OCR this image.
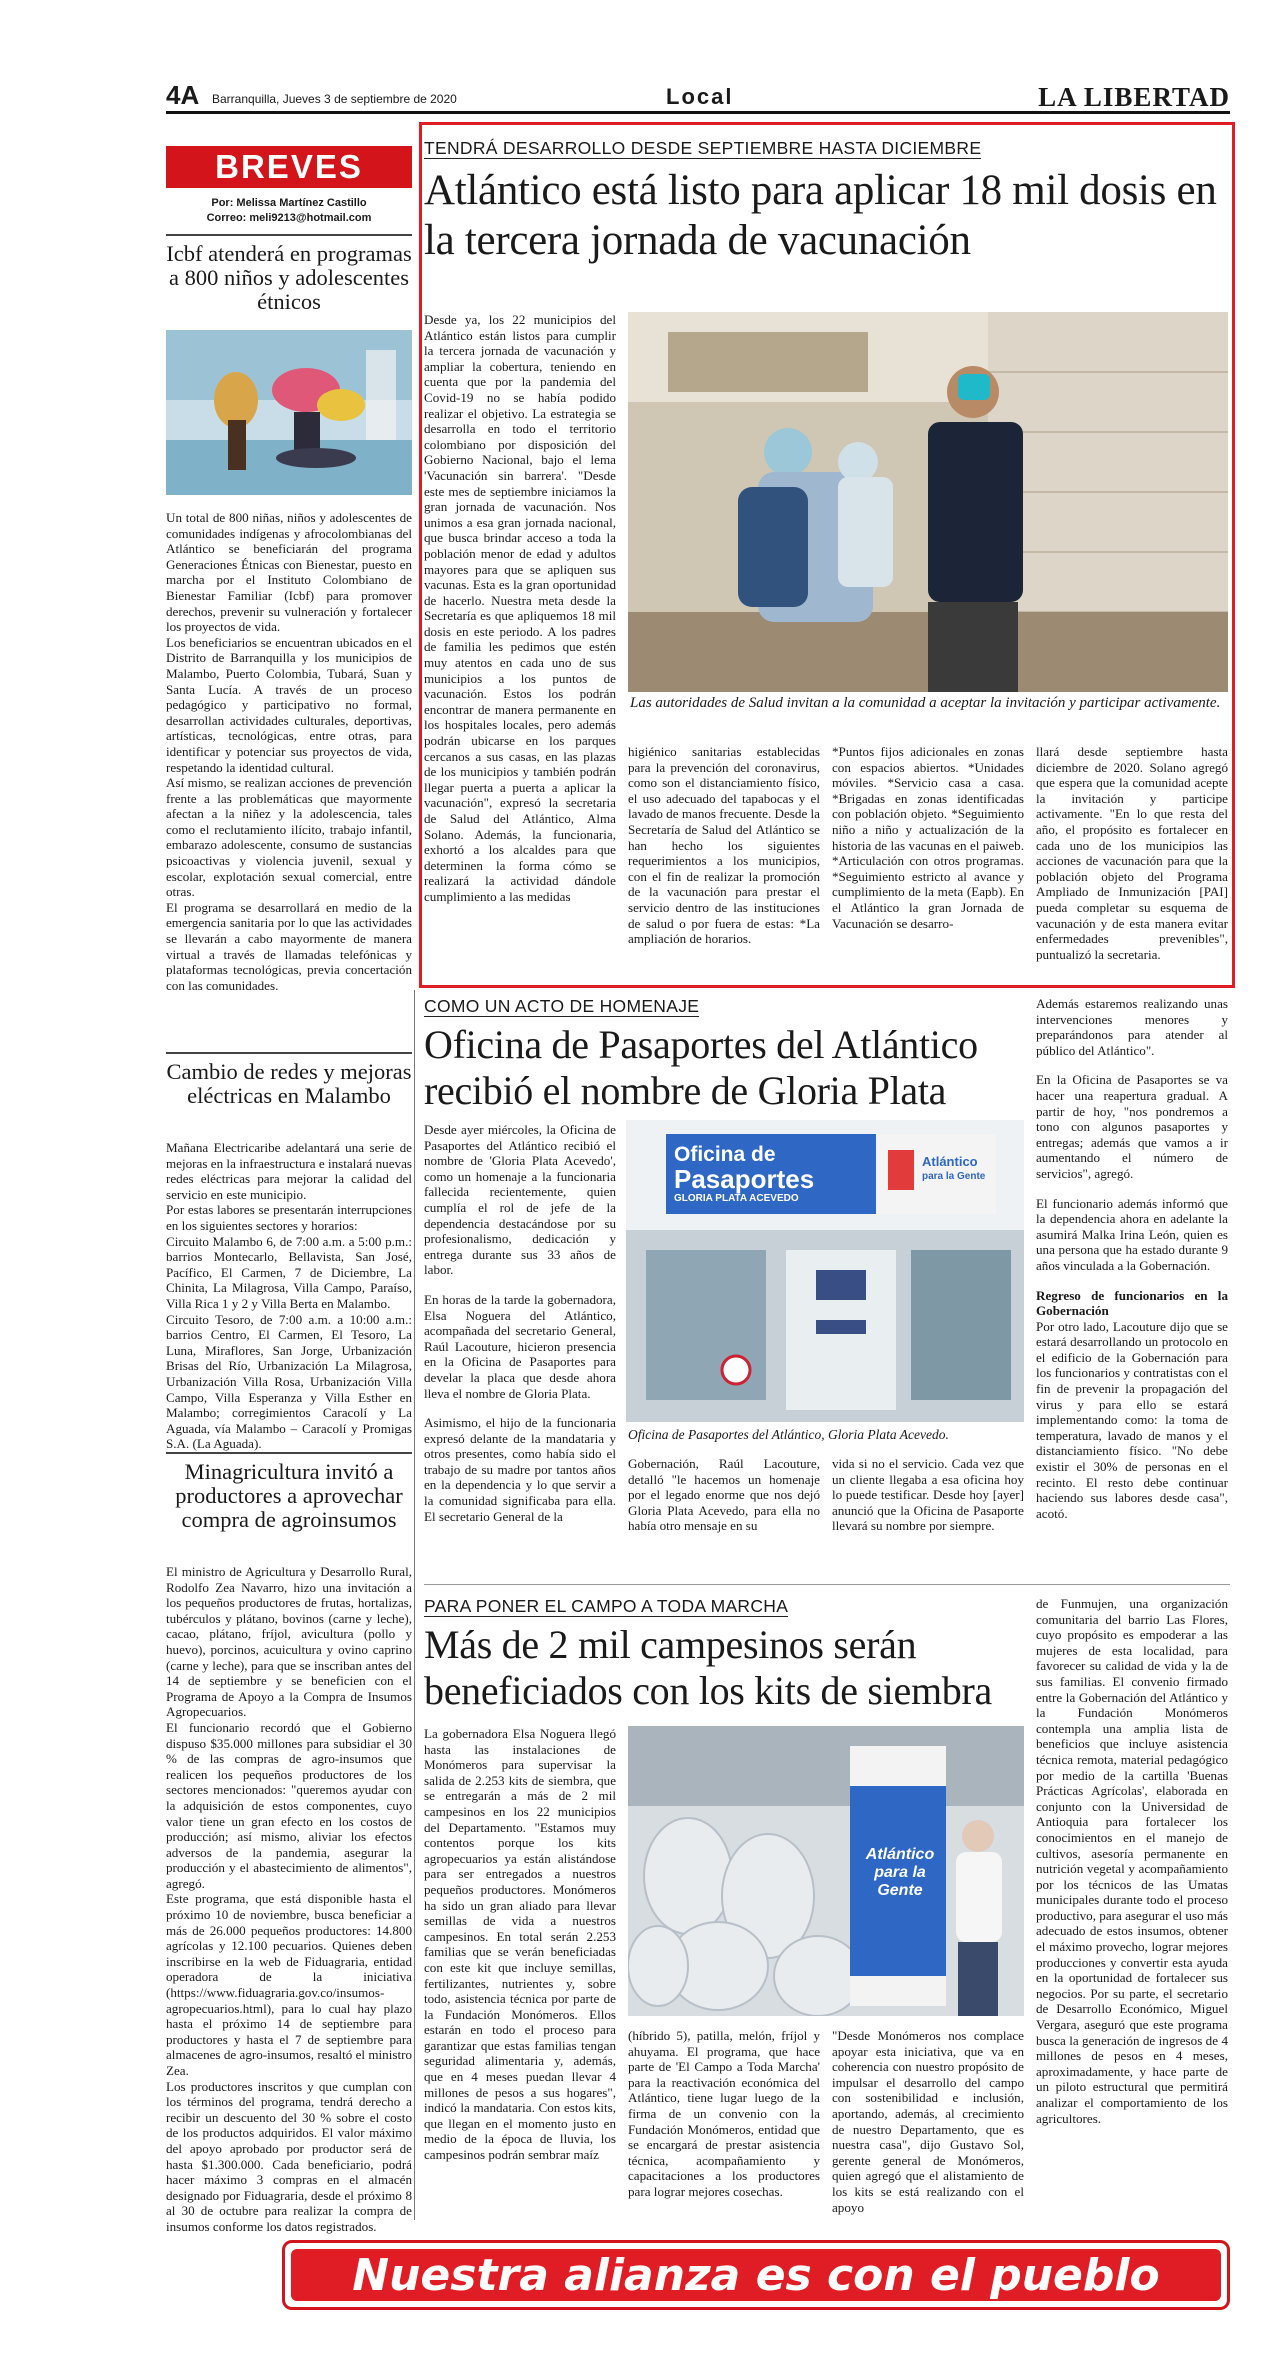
4A Barranquilla, Jueves 3 de septiembre de 2020	Local	LA LIBERTAD
BREVES
Por: Melissa Martínez Castillo
Correo: meli9213@hotmail.com
Icbf atenderá en programas a 800 niños y adolescentes étnicos

Un total de 800 niñas, niños y adolescentes de comunidades indígenas y afrocolombianas del Atlántico se beneficiarán del programa Generaciones Étnicas con Bienestar, puesto en marcha por el Instituto Colombiano de Bienestar Familiar (Icbf) para promover derechos, prevenir su vulneración y fortalecer los proyectos de vida.

Los beneficiarios se encuentran ubicados en el Distrito de Barranquilla y los municipios de Malambo, Puerto Colombia, Tubará, Suan y Santa Lucía. A través de un proceso pedagógico y participativo no formal, desarrollan actividades culturales, deportivas, artísticas, tecnológicas, entre otras, para identificar y potenciar sus proyectos de vida, respetando la identidad cultural.

Así mismo, se realizan acciones de prevención frente a las problemáticas que mayormente afectan a la niñez y la adolescencia, tales como el reclutamiento ilícito, trabajo infantil, embarazo adolescente, consumo de sustancias psicoactivas y violencia juvenil, sexual y escolar, explotación sexual comercial, entre otras.

El programa se desarrollará en medio de la emergencia sanitaria por lo que las actividades se llevarán a cabo mayormente de manera virtual a través de llamadas telefónicas y plataformas tecnológicas, previa concertación con las comunidades.

Cambio de redes y mejoras eléctricas en Malambo

Mañana Electricaribe adelantará una serie de mejoras en la infraestructura e instalará nuevas redes eléctricas para mejorar la calidad del servicio en este municipio.

Por estas labores se presentarán interrupciones en los siguientes sectores y horarios:

Circuito Malambo 6, de 7:00 a.m. a 5:00 p.m.: barrios Montecarlo, Bellavista, San José, Pacífico, El Carmen, 7 de Diciembre, La Chinita, La Milagrosa, Villa Campo, Paraíso, Villa Rica 1 y 2 y Villa Berta en Malambo.

Circuito Tesoro, de 7:00 a.m. a 10:00 a.m.: barrios Centro, El Carmen, El Tesoro, La Luna, Miraflores, San Jorge, Urbanización Brisas del Río, Urbanización La Milagrosa, Urbanización Villa Rosa, Urbanización Villa Campo, Villa Esperanza y Villa Esther en Malambo; corregimientos Caracolí y La Aguada, vía Malambo – Caracolí y Promigas S.A. (La Aguada).

Minagricultura invitó a productores a aprovechar compra de agroinsumos

El ministro de Agricultura y Desarrollo Rural, Rodolfo Zea Navarro, hizo una invitación a los pequeños productores de frutas, hortalizas, tubérculos y plátano, bovinos (carne y leche), cacao, plátano, fríjol, avicultura (pollo y huevo), porcinos, acuicultura y ovino caprino (carne y leche), para que se inscriban antes del 14 de septiembre y se beneficien con el Programa de Apoyo a la Compra de Insumos Agropecuarios.

El funcionario recordó que el Gobierno dispuso $35.000 millones para subsidiar el 30 % de las compras de agro-insumos que realicen los pequeños productores de los sectores mencionados: "queremos ayudar con la adquisición de estos componentes, cuyo valor tiene un gran efecto en los costos de producción; así mismo, aliviar los efectos adversos de la pandemia, asegurar la producción y el abastecimiento de alimentos", agregó.

Este programa, que está disponible hasta el próximo 10 de noviembre, busca beneficiar a más de 26.000 pequeños productores: 14.800 agrícolas y 12.100 pecuarios. Quienes deben inscribirse en la web de Fiduagraria, entidad operadora de la iniciativa (https://www.fiduagraria.gov.co/insumos-agropecuarios.html), para lo cual hay plazo hasta el próximo 14 de septiembre para productores y hasta el 7 de septiembre para almacenes de agro-insumos, resaltó el ministro Zea.

Los productores inscritos y que cumplan con los términos del programa, tendrá derecho a recibir un descuento del 30 % sobre el costo de los productos adquiridos. El valor máximo del apoyo aprobado por productor será de hasta $1.300.000. Cada beneficiario, podrá hacer máximo 3 compras en el almacén designado por Fiduagraria, desde el próximo 8 al 30 de octubre para realizar la compra de insumos conforme los datos registrados.

TENDRÁ DESARROLLO DESDE SEPTIEMBRE HASTA DICIEMBRE
Atlántico está listo para aplicar 18 mil dosis en la tercera jornada de vacunación
Desde ya, los 22 municipios del Atlántico están listos para cumplir la tercera jornada de vacunación y ampliar la cobertura, teniendo en cuenta que por la pandemia del Covid-19 no se había podido realizar el objetivo. La estrategia se desarrolla en todo el territorio colombiano por disposición del Gobierno Nacional, bajo el lema 'Vacunación sin barrera'. "Desde este mes de septiembre iniciamos la gran jornada de vacunación. Nos unimos a esa gran jornada nacional, que busca brindar acceso a toda la población menor de edad y adultos mayores para que se apliquen sus vacunas. Esta es la gran oportunidad de hacerlo. Nuestra meta desde la Secretaría es que apliquemos 18 mil dosis en este periodo. A los padres de familia les pedimos que estén muy atentos en cada uno de sus municipios a los puntos de vacunación. Estos los podrán encontrar de manera permanente en los hospitales locales, pero además podrán ubicarse en los parques cercanos a sus casas, en las plazas de los municipios y también podrán llegar puerta a puerta a aplicar la vacunación", expresó la secretaria de Salud del Atlántico, Alma Solano. Además, la funcionaria, exhortó a los alcaldes para que determinen la forma cómo se realizará la actividad dándole cumplimiento a las medidas
Las autoridades de Salud invitan a la comunidad a aceptar la invitación y participar activamente.
higiénico sanitarias establecidas para la prevención del coronavirus, como son el distanciamiento físico, el uso adecuado del tapabocas y el lavado de manos frecuente. Desde la Secretaría de Salud del Atlántico se han hecho los siguientes requerimientos a los municipios, con el fin de realizar la promoción de la vacunación para prestar el servicio dentro de las instituciones de salud o por fuera de estas: *La ampliación de horarios.
*Puntos fijos adicionales en zonas con espacios abiertos. *Unidades móviles. *Servicio casa a casa. *Brigadas en zonas identificadas con población objeto. *Seguimiento niño a niño y actualización de la historia de las vacunas en el paiweb. *Articulación con otros programas. *Seguimiento estricto al avance y cumplimiento de la meta (Eapb). En el Atlántico la gran Jornada de Vacunación se desarro-
llará desde septiembre hasta diciembre de 2020. Solano agregó que espera que la comunidad acepte la invitación y participe activamente. "En lo que resta del año, el propósito es fortalecer en cada uno de los municipios las acciones de vacunación para que la población objeto del Programa Ampliado de Inmunización [PAI] pueda completar su esquema de vacunación y de esta manera evitar enfermedades prevenibles", puntualizó la secretaria.
COMO UN ACTO DE HOMENAJE
Oficina de Pasaportes del Atlántico recibió el nombre de Gloria Plata

Desde ayer miércoles, la Oficina de Pasaportes del Atlántico recibió el nombre de 'Gloria Plata Acevedo', como un homenaje a la funcionaria fallecida recientemente, quien cumplía el rol de jefe de la dependencia destacándose por su profesionalismo, dedicación y entrega durante sus 33 años de labor.

En horas de la tarde la gobernadora, Elsa Noguera del Atlántico, acompañada del secretario General, Raúl Lacouture, hicieron presencia en la Oficina de Pasaportes para develar la placa que desde ahora lleva el nombre de Gloria Plata.

Asimismo, el hijo de la funcionaria expresó delante de la mandataria y otros presentes, como había sido el trabajo de su madre por tantos años en la dependencia y lo que servir a la comunidad significaba para ella. El secretario General de la

Oficina de
Pasaportes
GLORIA PLATA ACEVEDO
Atlántico
para la Gente
Oficina de Pasaportes del Atlántico, Gloria Plata Acevedo.
Gobernación, Raúl Lacouture, detalló "le hacemos un homenaje por el legado enorme que nos dejó Gloria Plata Acevedo, para ella no había otro mensaje en su
vida si no el servicio. Cada vez que un cliente llegaba a esa oficina hoy lo puede testificar. Desde hoy [ayer] anunció que la Oficina de Pasaporte llevará su nombre por siempre.

Además estaremos realizando unas intervenciones menores y preparándonos para atender al público del Atlántico".

En la Oficina de Pasaportes se va hacer una reapertura gradual. A partir de hoy, "nos pondremos a tono con algunos pasaportes y entregas; además que vamos a ir aumentando el número de servicios", agregó.

El funcionario además informó que la dependencia ahora en adelante la asumirá Malka Irina León, quien es una persona que ha estado durante 9 años vinculada a la Gobernación.

Regreso de funcionarios en la Gobernación

Por otro lado, Lacouture dijo que se estará desarrollando un protocolo en el edificio de la Gobernación para los funcionarios y contratistas con el fin de prevenir la propagación del virus y para ello se estará implementando como: la toma de temperatura, lavado de manos y el distanciamiento físico. "No debe existir el 30% de personas en el recinto. El resto debe continuar haciendo sus labores desde casa", acotó.

PARA PONER EL CAMPO A TODA MARCHA
Más de 2 mil campesinos serán beneficiados con los kits de siembra
La gobernadora Elsa Noguera llegó hasta las instalaciones de Monómeros para supervisar la salida de 2.253 kits de siembra, que se entregarán a más de 2 mil campesinos en los 22 municipios del Departamento. "Estamos muy contentos porque los kits agropecuarios ya están alistándose para ser entregados a nuestros pequeños productores. Monómeros ha sido un gran aliado para llevar semillas de vida a nuestros campesinos. En total serán 2.253 familias que se verán beneficiadas con este kit que incluye semillas, fertilizantes, nutrientes y, sobre todo, asistencia técnica por parte de la Fundación Monómeros. Ellos estarán en todo el proceso para garantizar que estas familias tengan seguridad alimentaria y, además, que en 4 meses puedan llevar 4 millones de pesos a sus hogares", indicó la mandataria. Con estos kits, que llegan en el momento justo en medio de la época de lluvia, los campesinos podrán sembrar maíz
Atlántico para la Gente
(híbrido 5), patilla, melón, fríjol y ahuyama. El programa, que hace parte de 'El Campo a Toda Marcha' para la reactivación económica del Atlántico, tiene lugar luego de la firma de un convenio con la Fundación Monómeros, entidad que se encargará de prestar asistencia técnica, acompañamiento y capacitaciones a los productores para lograr mejores cosechas.
"Desde Monómeros nos complace apoyar esta iniciativa, que va en coherencia con nuestro propósito de impulsar el desarrollo del campo con sostenibilidad e inclusión, aportando, además, al crecimiento de nuestro Departamento, que es nuestra casa", dijo Gustavo Sol, gerente general de Monómeros, quien agregó que el alistamiento de los kits se está realizando con el apoyo
de Funmujen, una organización comunitaria del barrio Las Flores, cuyo propósito es empoderar a las mujeres de esta localidad, para favorecer su calidad de vida y la de sus familias. El convenio firmado entre la Gobernación del Atlántico y la Fundación Monómeros contempla una amplia lista de beneficios que incluye asistencia técnica remota, material pedagógico por medio de la cartilla 'Buenas Prácticas Agrícolas', elaborada en conjunto con la Universidad de Antioquia para fortalecer los conocimientos en el manejo de cultivos, asesoría permanente en nutrición vegetal y acompañamiento por los técnicos de las Umatas municipales durante todo el proceso productivo, para asegurar el uso más adecuado de estos insumos, obtener el máximo provecho, lograr mejores producciones y convertir esta ayuda en la oportunidad de fortalecer sus negocios. Por su parte, el secretario de Desarrollo Económico, Miguel Vergara, aseguró que este programa busca la generación de ingresos de 4 millones de pesos en 4 meses, aproximadamente, y hace parte de un piloto estructural que permitirá analizar el comportamiento de los agricultores.
Nuestra alianza es con el pueblo
